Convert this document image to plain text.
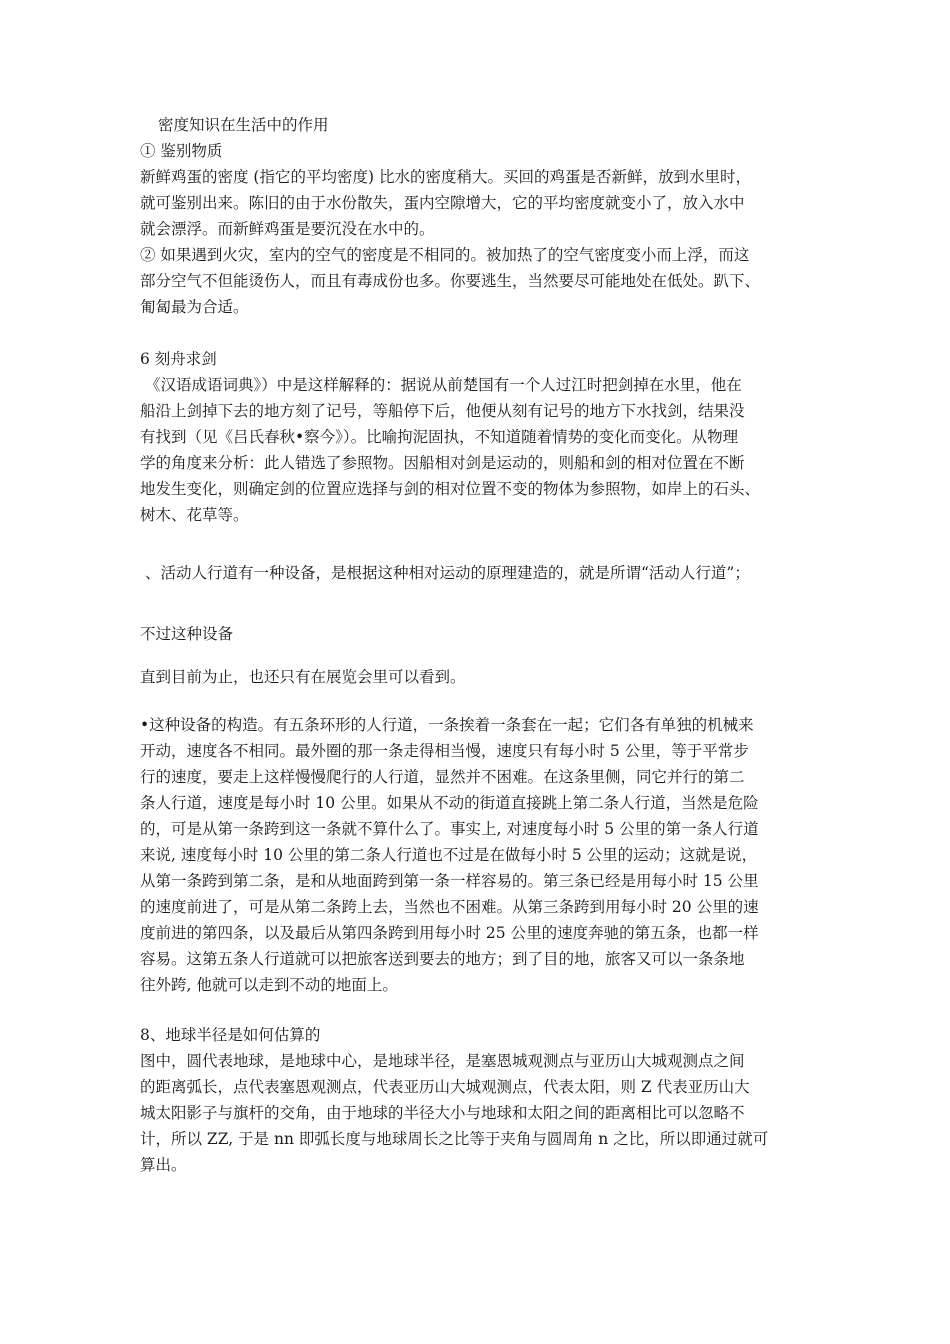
密度知识在生活中的作用
① 鉴别物质
新鲜鸡蛋的密度 (指它的平均密度) 比水的密度稍大。买回的鸡蛋是否新鲜，放到水里时，
就可鉴别出来。陈旧的由于水份散失，蛋内空隙增大，它的平均密度就变小了，放入水中
就会漂浮。而新鲜鸡蛋是要沉没在水中的。
② 如果遇到火灾，室内的空气的密度是不相同的。被加热了的空气密度变小而上浮，而这
部分空气不但能烫伤人，而且有毒成份也多。你要逃生，当然要尽可能地处在低处。趴下、
匍匐最为合适。
6 刻舟求剑
《汉语成语词典》）中是这样解释的：据说从前楚国有一个人过江时把剑掉在水里，他在
船沿上剑掉下去的地方刻了记号，等船停下后，他便从刻有记号的地方下水找剑，结果没
有找到（见《吕氏春秋•察今》）。比喻拘泥固执，不知道随着情势的变化而变化。从物理
学的角度来分析：此人错选了参照物。因船相对剑是运动的，则船和剑的相对位置在不断
地发生变化，则确定剑的位置应选择与剑的相对位置不变的物体为参照物，如岸上的石头、
树木、花草等。
、活动人行道有一种设备，是根据这种相对运动的原理建造的，就是所谓“活动人行道”；
不过这种设备
直到目前为止，也还只有在展览会里可以看到。
•这种设备的构造。有五条环形的人行道，一条挨着一条套在一起；它们各有单独的机械来
开动，速度各不相同。最外圈的那一条走得相当慢，速度只有每小时 5 公里，等于平常步
行的速度，要走上这样慢慢爬行的人行道，显然并不困难。在这条里侧，同它并行的第二
条人行道，速度是每小时 10 公里。如果从不动的街道直接跳上第二条人行道，当然是危险
的，可是从第一条跨到这一条就不算什么了。事实上, 对速度每小时 5 公里的第一条人行道
来说, 速度每小时 10 公里的第二条人行道也不过是在做每小时 5 公里的运动；这就是说，
从第一条跨到第二条，是和从地面跨到第一条一样容易的。第三条已经是用每小时 15 公里
的速度前进了，可是从第二条跨上去，当然也不困难。从第三条跨到用每小时 20 公里的速
度前进的第四条，以及最后从第四条跨到用每小时 25 公里的速度奔驰的第五条，也都一样
容易。这第五条人行道就可以把旅客送到要去的地方；到了目的地，旅客又可以一条条地
往外跨, 他就可以走到不动的地面上。
8、地球半径是如何估算的
图中，圆代表地球，是地球中心，是地球半径，是塞恩城观测点与亚历山大城观测点之间
的距离弧长，点代表塞恩观测点，代表亚历山大城观测点，代表太阳，则 Z 代表亚历山大
城太阳影子与旗杆的交角，由于地球的半径大小与地球和太阳之间的距离相比可以忽略不
计，所以 ZZ, 于是 nn 即弧长度与地球周长之比等于夹角与圆周角 n 之比，所以即通过就可
算出。
